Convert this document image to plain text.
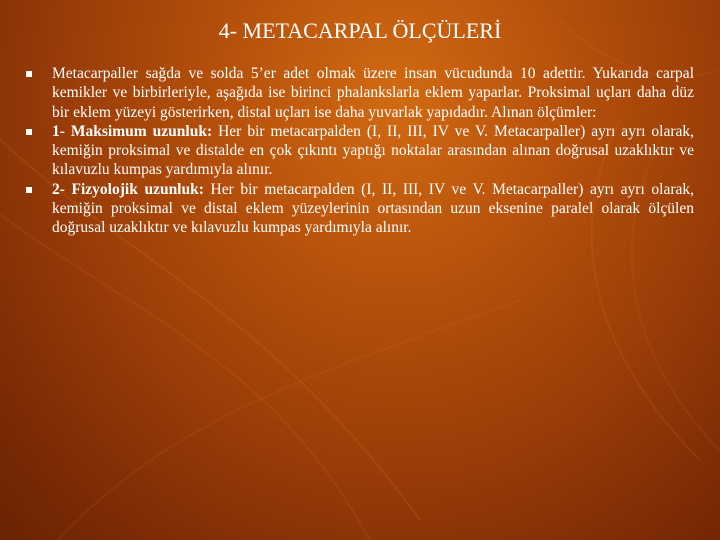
4- METACARPAL ÖLÇÜLERİ
Metacarpaller sağda ve solda 5’er adet olmak üzere insan vücudunda 10 adettir. Yukarıda carpal kemikler ve birbirleriyle, aşağıda ise birinci phalankslarla eklem yaparlar. Proksimal uçları daha düz bir eklem yüzeyi gösterirken, distal uçları ise daha yuvarlak yapıdadır. Alınan ölçümler:
1- Maksimum uzunluk: Her bir metacarpalden (I, II, III, IV ve V. Metacarpaller) ayrı ayrı olarak, kemiğin proksimal ve distalde en çok çıkıntı yaptığı noktalar arasından alınan doğrusal uzaklıktır ve kılavuzlu kumpas yardımıyla alınır.
2- Fizyolojik uzunluk: Her bir metacarpalden (I, II, III, IV ve V. Metacarpaller) ayrı ayrı olarak, kemiğin proksimal ve distal eklem yüzeylerinin ortasından uzun eksenine paralel olarak ölçülen doğrusal uzaklıktır ve kılavuzlu kumpas yardımıyla alınır.
